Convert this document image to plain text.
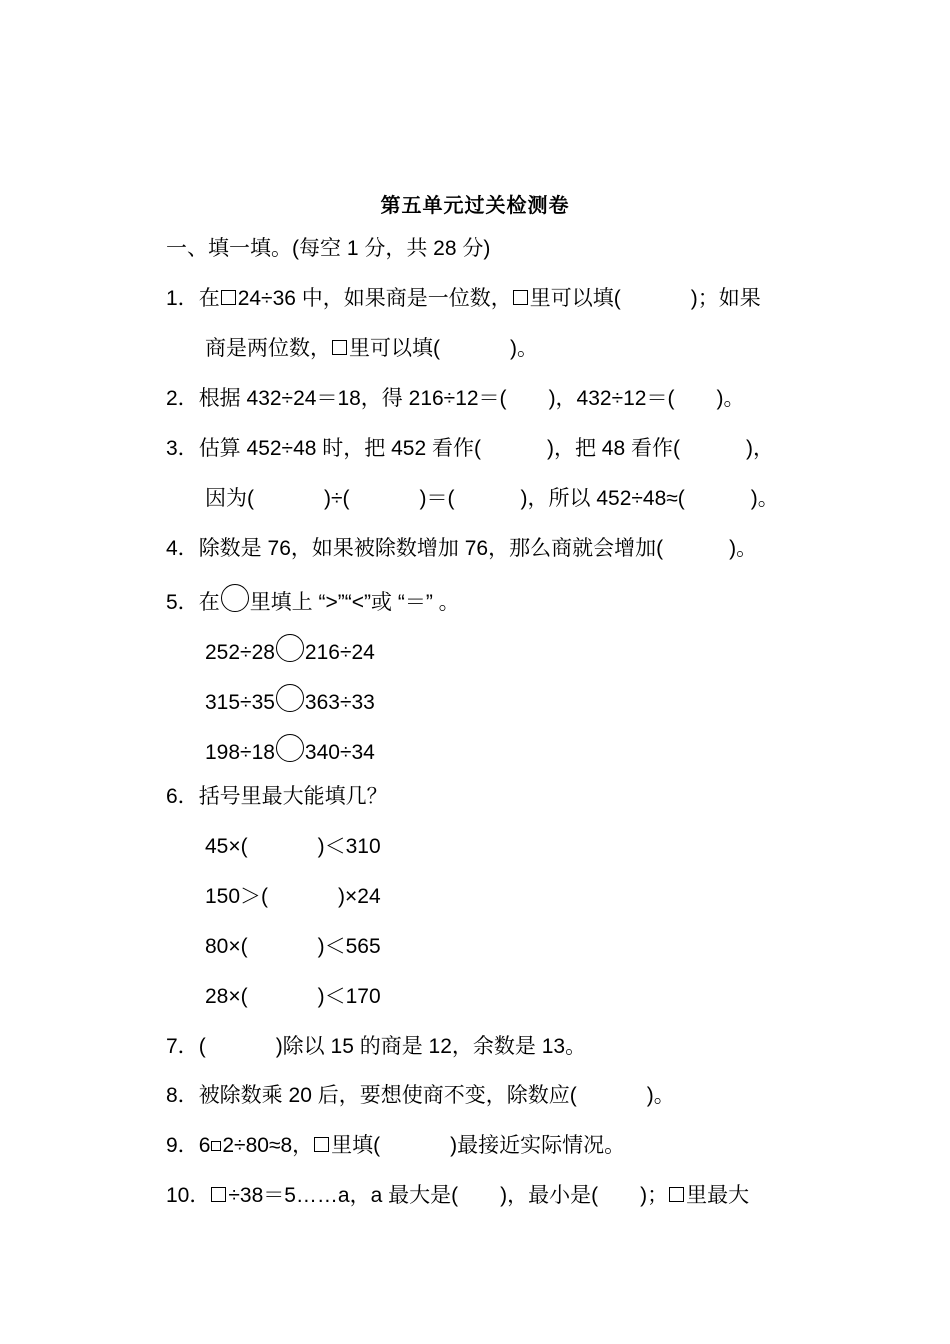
第五单元过关检测卷
一、填一填。(每空 1 分，共 28 分)
1．在 24÷36 中，如果商是一位数， 里可以填(	)；如果
商是两位数， 里可以填(	)。
2．根据 432÷24＝18，得 216÷12＝( )，432÷12＝( )。
3．估算 452÷48 时，把 452 看作(	)，把 48 看作(	)，
因为(	)÷(	)＝(	)，所以 452÷48≈(	)。
4．除数是 76，如果被除数增加 76，那么商就会增加(	)。
5．在 里填上 “>”“<”或 “＝” 。
252÷28 216÷24
315÷35 363÷33
198÷18 340÷34
6．括号里最大能填几？
45×(	)＜310
150＞(	)×24
80×(	)＜565
28×(	)＜170
7．(	)除以 15 的商是 12，余数是 13。
8．被除数乘 20 后，要想使商不变，除数应(	)。
9．6 2÷80≈8， 里填(	)最接近实际情况。
10． ÷38＝5……a，a 最大是( )，最小是( )； 里最大
